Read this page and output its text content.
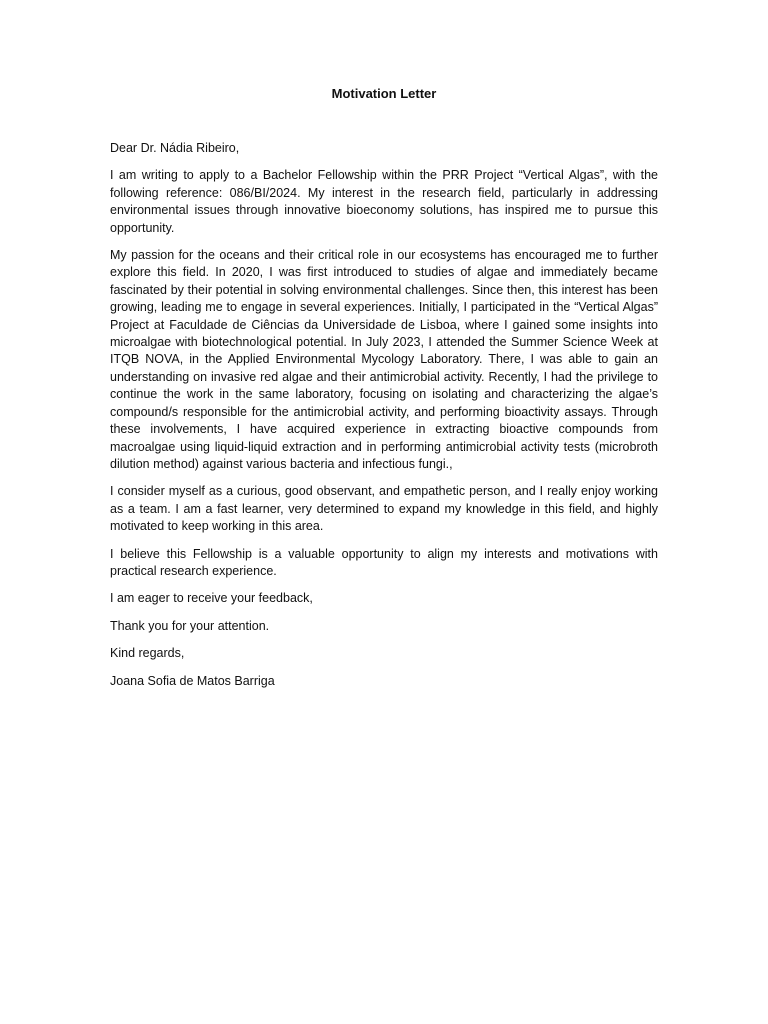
Motivation Letter

Dear Dr. Nádia Ribeiro,

I am writing to apply to a Bachelor Fellowship within the PRR Project “Vertical Algas”, with the following reference: 086/BI/2024. My interest in the research field, particularly in addressing environmental issues through innovative bioeconomy solutions, has inspired me to pursue this opportunity.

My passion for the oceans and their critical role in our ecosystems has encouraged me to further explore this field. In 2020, I was first introduced to studies of algae and immediately became fascinated by their potential in solving environmental challenges. Since then, this interest has been growing, leading me to engage in several experiences. Initially, I participated in the “Vertical Algas” Project at Faculdade de Ciências da Universidade de Lisboa, where I gained some insights into microalgae with biotechnological potential. In July 2023, I attended the Summer Science Week at ITQB NOVA, in the Applied Environmental Mycology Laboratory. There, I was able to gain an understanding on invasive red algae and their antimicrobial activity. Recently, I had the privilege to continue the work in the same laboratory, focusing on isolating and characterizing the algae’s compound/s responsible for the antimicrobial activity, and performing bioactivity assays. Through these involvements, I have acquired experience in extracting bioactive compounds from macroalgae using liquid-liquid extraction and in performing antimicrobial activity tests (microbroth dilution method) against various bacteria and infectious fungi.,

I consider myself as a curious, good observant, and empathetic person, and I really enjoy working as a team. I am a fast learner, very determined to expand my knowledge in this field, and highly motivated to keep working in this area.

I believe this Fellowship is a valuable opportunity to align my interests and motivations with practical research experience.

I am eager to receive your feedback,

Thank you for your attention.

Kind regards,

Joana Sofia de Matos Barriga
